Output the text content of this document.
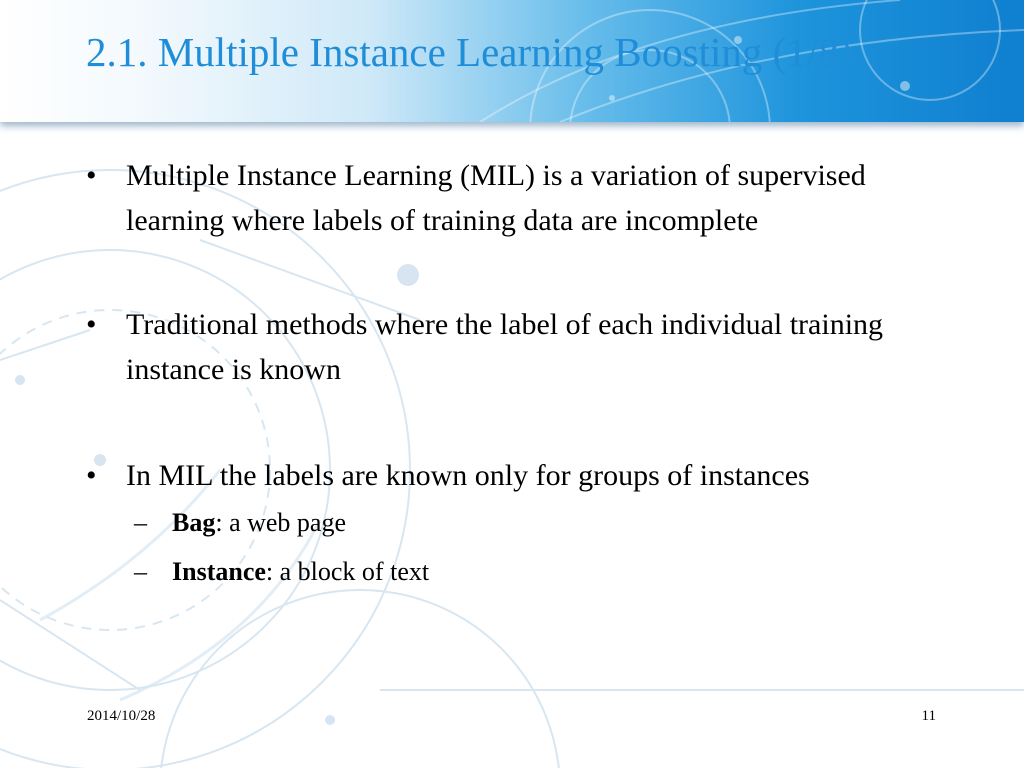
2.1. Multiple Instance Learning Boosting (1/8)
• Multiple Instance Learning (MIL) is a variation of supervised learning where labels of training data are incomplete
• Traditional methods where the label of each individual training instance is known
• In MIL the labels are known only for groups of instances
– Bag: a web page
– Instance: a block of text
2014/10/28	11
